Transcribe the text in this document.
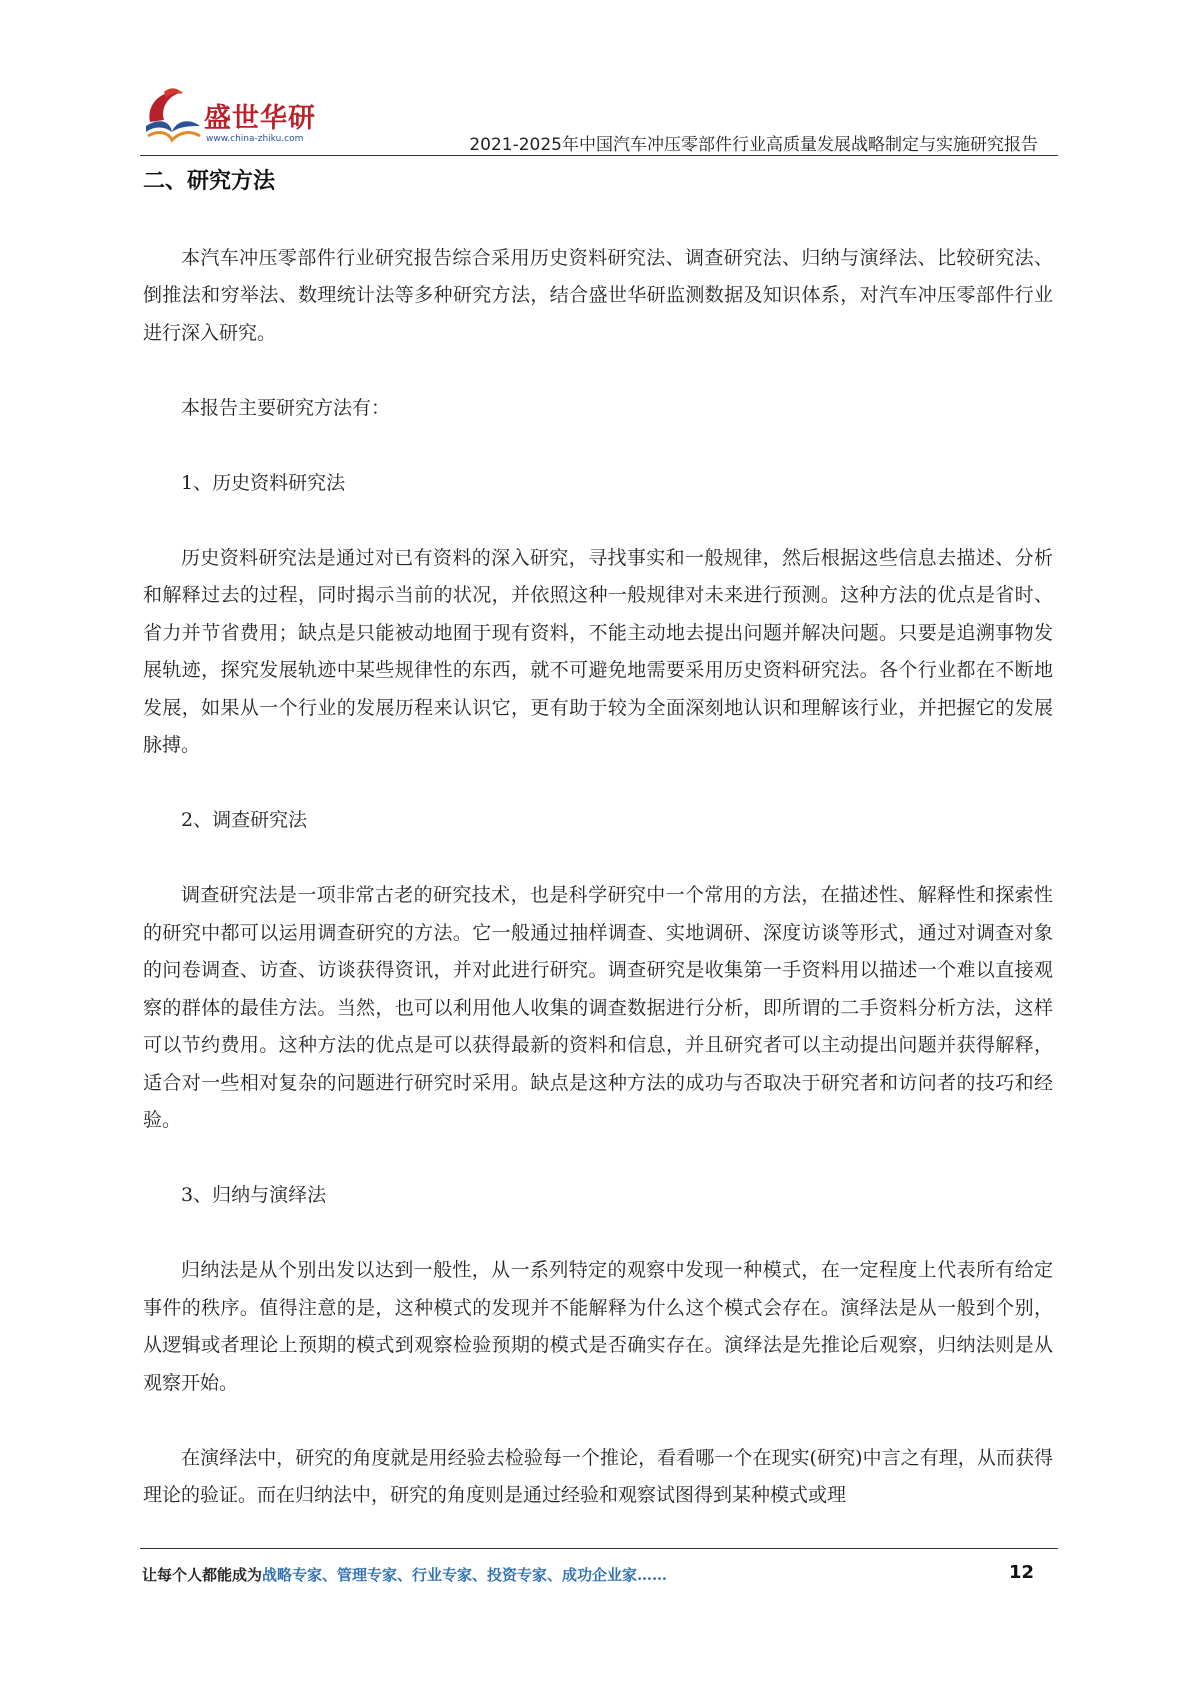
盛世华研
www.china-zhiku.com	2021-2025年中国汽车冲压零部件行业高质量发展战略制定与实施研究报告
二、研究方法

本汽车冲压零部件行业研究报告综合采用历史资料研究法、调查研究法、归纳与演绎法、比较研究法、倒推法和穷举法、数理统计法等多种研究方法，结合盛世华研监测数据及知识体系，对汽车冲压零部件行业进行深入研究。

本报告主要研究方法有：

1、历史资料研究法

历史资料研究法是通过对已有资料的深入研究，寻找事实和一般规律，然后根据这些信息去描述、分析和解释过去的过程，同时揭示当前的状况，并依照这种一般规律对未来进行预测。这种方法的优点是省时、省力并节省费用；缺点是只能被动地囿于现有资料，不能主动地去提出问题并解决问题。只要是追溯事物发展轨迹，探究发展轨迹中某些规律性的东西，就不可避免地需要采用历史资料研究法。各个行业都在不断地发展，如果从一个行业的发展历程来认识它，更有助于较为全面深刻地认识和理解该行业，并把握它的发展脉搏。

2、调查研究法

调查研究法是一项非常古老的研究技术，也是科学研究中一个常用的方法，在描述性、解释性和探索性的研究中都可以运用调查研究的方法。它一般通过抽样调查、实地调研、深度访谈等形式，通过对调查对象的问卷调查、访查、访谈获得资讯，并对此进行研究。调查研究是收集第一手资料用以描述一个难以直接观察的群体的最佳方法。当然，也可以利用他人收集的调查数据进行分析，即所谓的二手资料分析方法，这样可以节约费用。这种方法的优点是可以获得最新的资料和信息，并且研究者可以主动提出问题并获得解释，适合对一些相对复杂的问题进行研究时采用。缺点是这种方法的成功与否取决于研究者和访问者的技巧和经验。

3、归纳与演绎法

归纳法是从个别出发以达到一般性，从一系列特定的观察中发现一种模式，在一定程度上代表所有给定事件的秩序。值得注意的是，这种模式的发现并不能解释为什么这个模式会存在。演绎法是从一般到个别，从逻辑或者理论上预期的模式到观察检验预期的模式是否确实存在。演绎法是先推论后观察，归纳法则是从观察开始。

在演绎法中，研究的角度就是用经验去检验每一个推论，看看哪一个在现实(研究)中言之有理，从而获得理论的验证。而在归纳法中，研究的角度则是通过经验和观察试图得到某种模式或理

让每个人都能成为战略专家、管理专家、行业专家、投资专家、成功企业家……	12
